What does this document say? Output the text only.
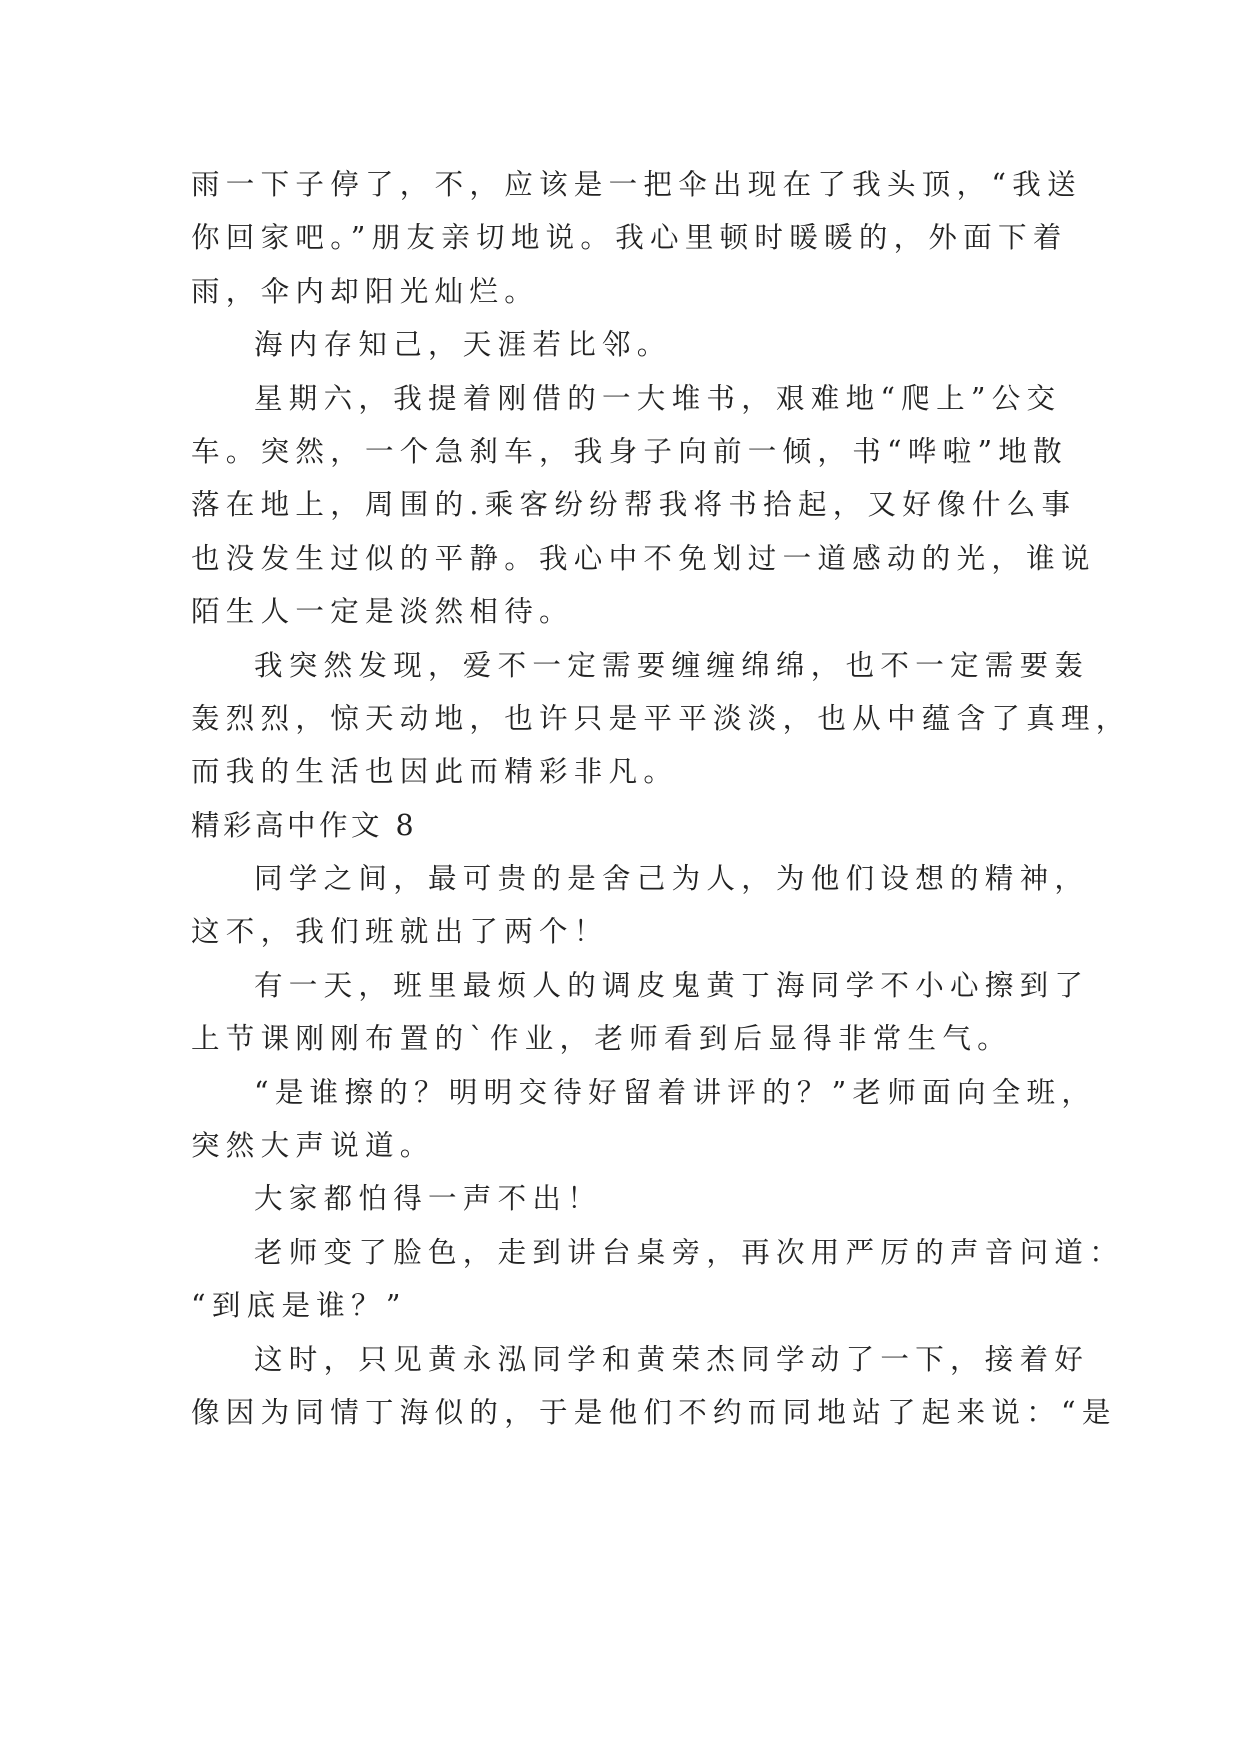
雨一下子停了，不，应该是一把伞出现在了我头顶，“我送
你回家吧。”朋友亲切地说。我心里顿时暖暖的，外面下着
雨，伞内却阳光灿烂。
海内存知己，天涯若比邻。
星期六，我提着刚借的一大堆书，艰难地“爬上”公交
车。突然，一个急刹车，我身子向前一倾，书“哗啦”地散
落在地上，周围的.乘客纷纷帮我将书拾起，又好像什么事
也没发生过似的平静。我心中不免划过一道感动的光，谁说
陌生人一定是淡然相待。
我突然发现，爱不一定需要缠缠绵绵，也不一定需要轰
轰烈烈，惊天动地，也许只是平平淡淡，也从中蕴含了真理，
而我的生活也因此而精彩非凡。
精彩高中作文 8
同学之间，最可贵的是舍己为人，为他们设想的精神，
这不，我们班就出了两个！
有一天，班里最烦人的调皮鬼黄丁海同学不小心擦到了
上节课刚刚布置的`作业，老师看到后显得非常生气。
“是谁擦的？明明交待好留着讲评的？”老师面向全班，
突然大声说道。
大家都怕得一声不出！
老师变了脸色，走到讲台桌旁，再次用严厉的声音问道：
“到底是谁？”
这时，只见黄永泓同学和黄荣杰同学动了一下，接着好
像因为同情丁海似的，于是他们不约而同地站了起来说：“是
